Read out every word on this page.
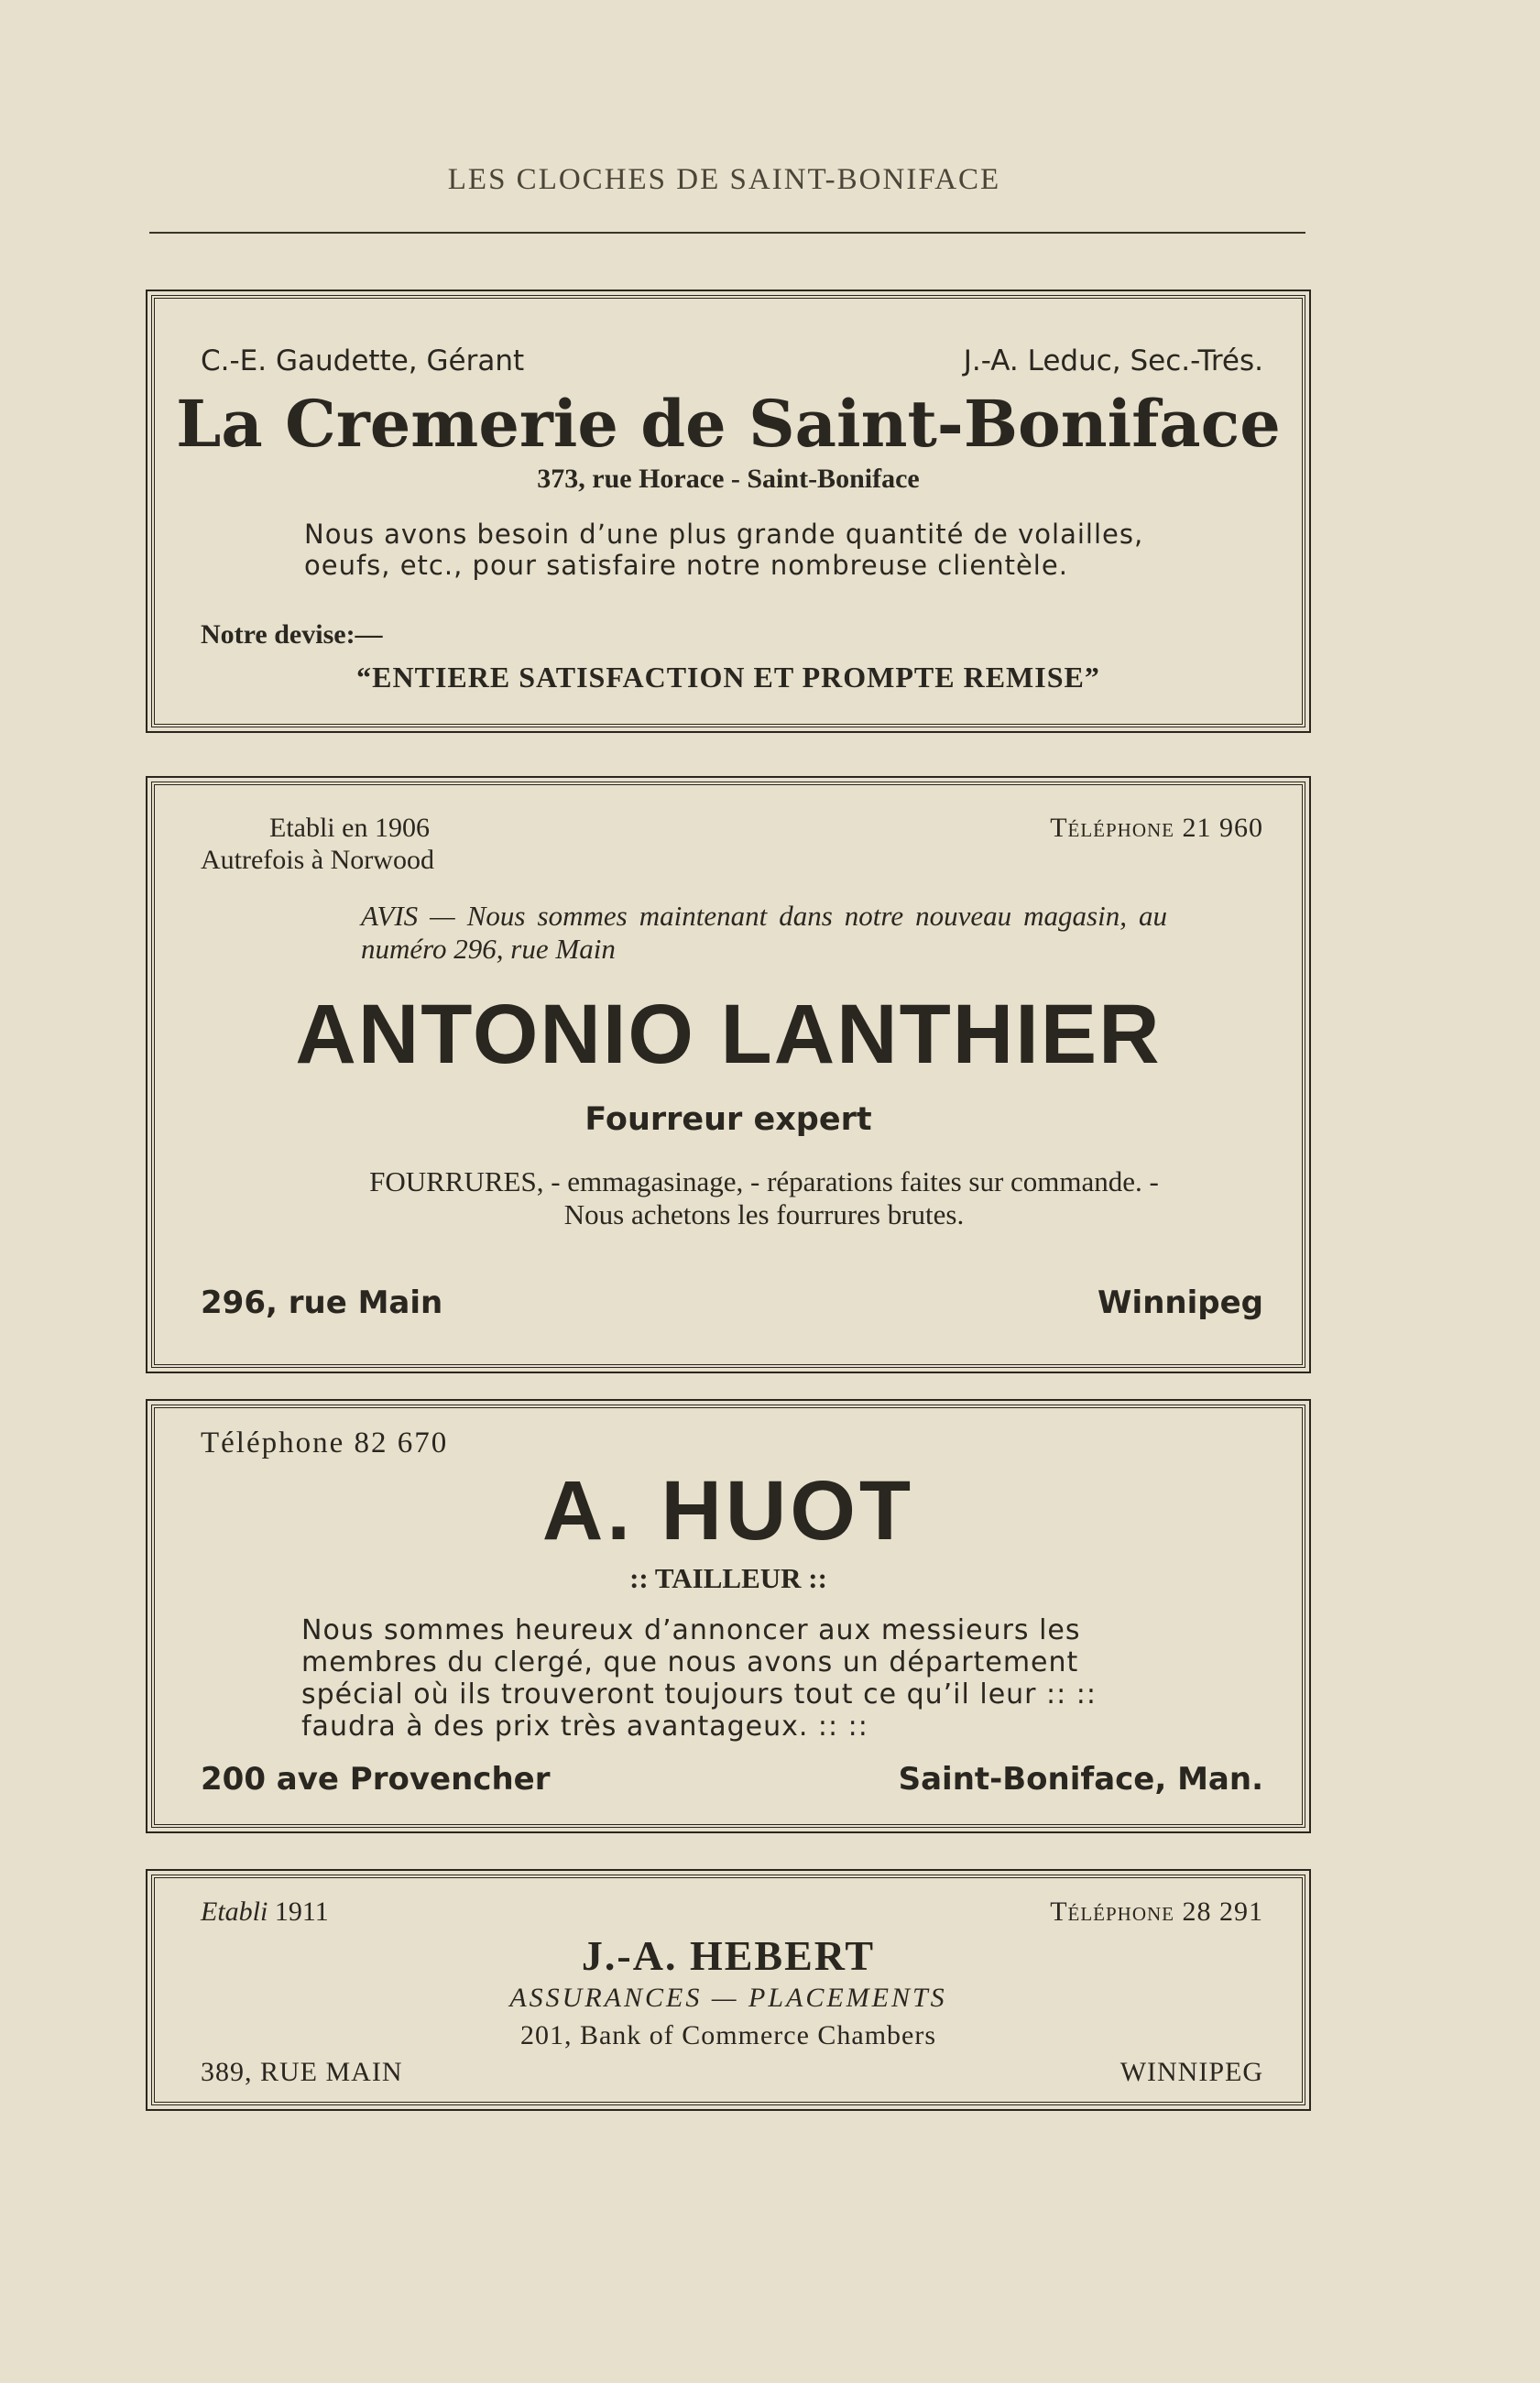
LES CLOCHES DE SAINT-BONIFACE
C.-E. Gaudette, Gérant	J.-A. Leduc, Sec.-Trés.
La Cremerie de Saint-Boniface
373, rue Horace - Saint-Boniface
Nous avons besoin d’une plus grande quantité de volailles, oeufs, etc., pour satisfaire notre nombreuse clientèle.
Notre devise:—
“ENTIERE SATISFACTION ET PROMPTE REMISE”
Etabli en 1906
Autrefois à Norwood
Téléphone 21 960
AVIS — Nous sommes maintenant dans notre nouveau magasin, au numéro 296, rue Main
ANTONIO LANTHIER
Fourreur expert
FOURRURES, - emmagasinage, - réparations faites sur commande. - Nous achetons les fourrures brutes.
296, rue Main	Winnipeg
Téléphone 82 670
A. HUOT
:: TAILLEUR ::
Nous sommes heureux d’annoncer aux messieurs les membres du clergé, que nous avons un département spécial où ils trouveront toujours tout ce qu’il leur :: :: faudra à des prix très avantageux. :: ::
200 ave Provencher	Saint-Boniface, Man.
Etabli 1911	Téléphone 28 291
J.-A. HEBERT
ASSURANCES — PLACEMENTS
201, Bank of Commerce Chambers
389, RUE MAIN	WINNIPEG
